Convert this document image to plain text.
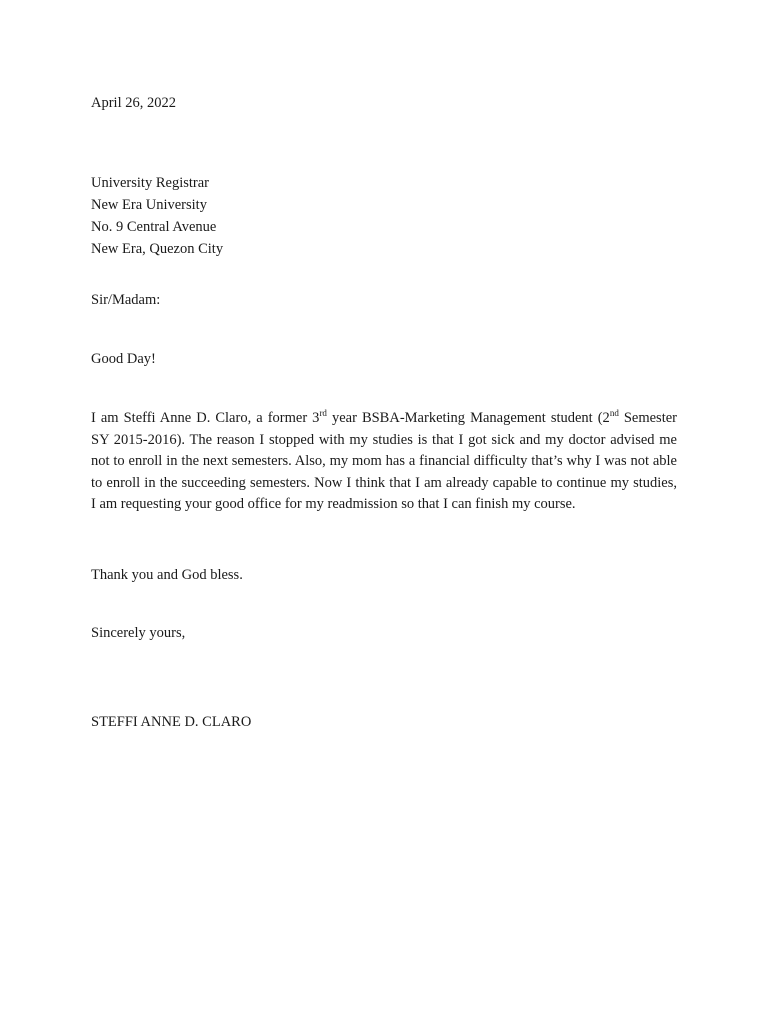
April 26, 2022

University Registrar
New Era University
No. 9 Central Avenue
New Era, Quezon City

Sir/Madam:

Good Day!

I am Steffi Anne D. Claro, a former 3rd year BSBA-Marketing Management student (2nd Semester SY 2015-2016). The reason I stopped with my studies is that I got sick and my doctor advised me not to enroll in the next semesters. Also, my mom has a financial difficulty that’s why I was not able to enroll in the succeeding semesters. Now I think that I am already capable to continue my studies, I am requesting your good office for my readmission so that I can finish my course.

Thank you and God bless.

Sincerely yours,

STEFFI ANNE D. CLARO
